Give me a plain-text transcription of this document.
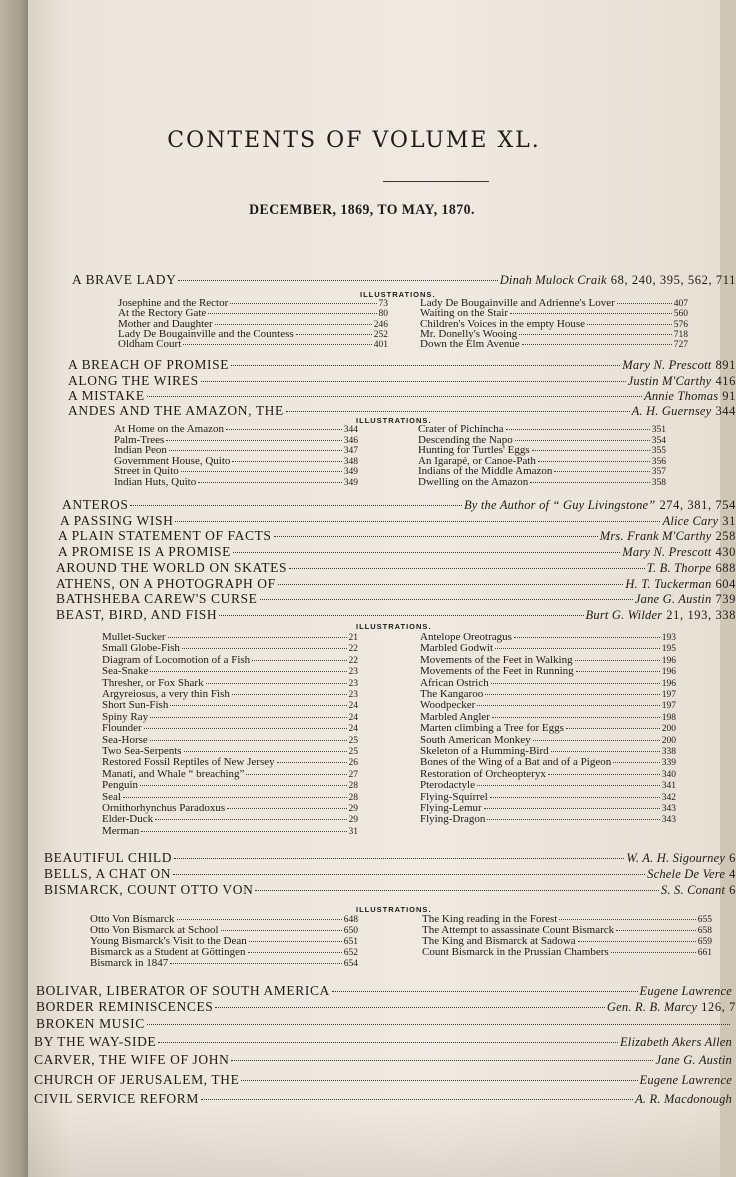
CONTENTS OF VOLUME XL.
DECEMBER, 1869, TO MAY, 1870.
A BRAVE LADY	Dinah Mulock Craik 68, 240, 395, 562, 711
A BREACH OF PROMISE	Mary N. Prescott 891
ALONG THE WIRES	Justin M'Carthy 416
A MISTAKE	Annie Thomas 91
ANDES AND THE AMAZON, THE	A. H. Guernsey 344
ANTEROS	By the Author of “ Guy Livingstone” 274, 381, 754
A PASSING WISH	Alice Cary 31
A PLAIN STATEMENT OF FACTS	Mrs. Frank M'Carthy 258
A PROMISE IS A PROMISE	Mary N. Prescott 430
AROUND THE WORLD ON SKATES	T. B. Thorpe 688
ATHENS, ON A PHOTOGRAPH OF	H. T. Tuckerman 604
BATHSHEBA CAREW'S CURSE	Jane G. Austin 739
BEAST, BIRD, AND FISH	Burt G. Wilder 21, 193, 338
BEAUTIFUL CHILD	W. A. H. Sigourney 6
BELLS, A CHAT ON	Schele De Vere 4
BISMARCK, COUNT OTTO VON	S. S. Conant 6
BOLIVAR, LIBERATOR OF SOUTH AMERICA	Eugene Lawrence
BORDER REMINISCENCES	Gen. R. B. Marcy 126, 7
BROKEN MUSIC
BY THE WAY-SIDE	Elizabeth Akers Allen
CARVER, THE WIFE OF JOHN	Jane G. Austin
CHURCH OF JERUSALEM, THE	Eugene Lawrence
CIVIL SERVICE REFORM	A. R. Macdonough
ILLUSTRATIONS.
Josephine and the Rector	73
At the Rectory Gate	80
Mother and Daughter	246
Lady De Bougainville and the Countess	252
Oldham Court	401
Lady De Bougainville and Adrienne's Lover	407
Waiting on the Stair	560
Children's Voices in the empty House	576
Mr. Donelly's Wooing	718
Down the Elm Avenue	727
ILLUSTRATIONS.
At Home on the Amazon	344
Palm-Trees	346
Indian Peon	347
Government House, Quito	348
Street in Quito	349
Indian Huts, Quito	349
Crater of Pichincha	351
Descending the Napo	354
Hunting for Turtles' Eggs	355
An Igarapé, or Canoe-Path	356
Indians of the Middle Amazon	357
Dwelling on the Amazon	358
ILLUSTRATIONS.
Mullet-Sucker	21
Small Globe-Fish	22
Diagram of Locomotion of a Fish	22
Sea-Snake	23
Thresher, or Fox Shark	23
Argyreiosus, a very thin Fish	23
Short Sun-Fish	24
Spiny Ray	24
Flounder	24
Sea-Horse	25
Two Sea-Serpents	25
Restored Fossil Reptiles of New Jersey	26
Manati, and Whale “ breaching”	27
Penguin	28
Seal	28
Ornithorhynchus Paradoxus	29
Elder-Duck	29
Merman	31
Antelope Oreotragus	193
Marbled Godwit	195
Movements of the Feet in Walking	196
Movements of the Feet in Running	196
African Ostrich	196
The Kangaroo	197
Woodpecker	197
Marbled Angler	198
Marten climbing a Tree for Eggs	200
South American Monkey	200
Skeleton of a Humming-Bird	338
Bones of the Wing of a Bat and of a Pigeon	339
Restoration of Orcheopteryx	340
Pterodactyle	341
Flying-Squirrel	342
Flying-Lemur	343
Flying-Dragon	343
ILLUSTRATIONS.
Otto Von Bismarck	648
Otto Von Bismarck at School	650
Young Bismarck's Visit to the Dean	651
Bismarck as a Student at Göttingen	652
Bismarck in 1847	654
The King reading in the Forest	655
The Attempt to assassinate Count Bismarck	658
The King and Bismarck at Sadowa	659
Count Bismarck in the Prussian Chambers	661
